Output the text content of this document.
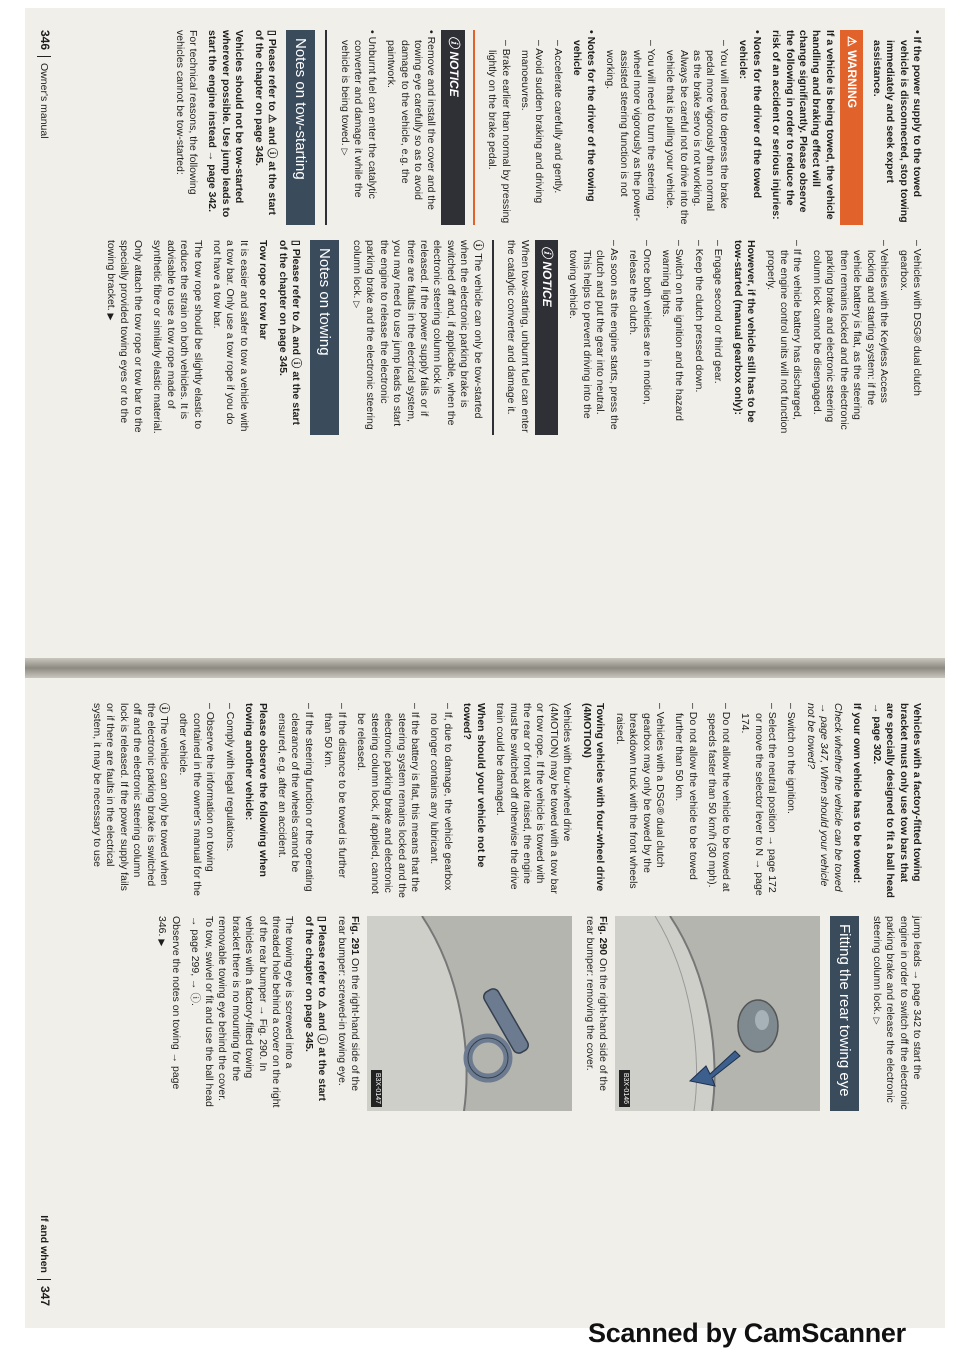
• If the power supply to the towed vehicle is disconnected, stop towing immediately and seek expert assistance.

⚠ WARNING

If a vehicle is being towed, the vehicle handling and braking effect will change significantly. Please observe the following in order to reduce the risk of an accident or serious injuries:

• Notes for the driver of the towed vehicle:

– You will need to depress the brake pedal more vigorously than normal as the brake servo is not working. Always be careful not to drive into the vehicle that is pulling your vehicle.

– You will need to turn the steering wheel more vigorously as the power-assisted steering function is not working.

• Notes for the driver of the towing vehicle

– Accelerate carefully and gently.

– Avoid sudden braking and driving manoeuvres.

– Brake earlier than normal by pressing lightly on the brake pedal.

ⓘ NOTICE

• Remove and install the cover and the towing eye carefully so as to avoid damage to the vehicle, e.g. the paintwork.

• Unburnt fuel can enter the catalytic converter and damage it while the vehicle is being towed. ▷

Notes on tow-starting

▯ Please refer to ⚠ and ⓘ at the start of the chapter on page 345.

Vehicles should not be tow-started wherever possible. Use jump leads to start the engine instead → page 342.

For technical reasons, the following vehicles cannot be tow-started:

– Vehicles with DSG® dual clutch gearbox.

– Vehicles with the Keyless Access locking and starting system: if the vehicle battery is flat, as the steering then remains locked and the electronic parking brake and electronic steering column lock cannot be disengaged.

– If the vehicle battery has discharged, the engine control units will not function properly.

However, if the vehicle still has to be tow-started (manual gearbox only):

– Engage second or third gear.

– Keep the clutch pressed down.

– Switch on the ignition and the hazard warning lights.

– Once both vehicles are in motion, release the clutch.

– As soon as the engine starts, press the clutch and put the gear into neutral. This helps to prevent driving into the towing vehicle.

ⓘ NOTICE

When tow-starting, unburnt fuel can enter the catalytic converter and damage it.

ⓘ The vehicle can only be tow-started when the electronic parking brake is switched off and, if applicable, when the electronic steering column lock is released. If the power supply fails or if there are faults in the electrical system, you may need to use jump leads to start the engine to release the electronic parking brake and the electronic steering column lock. ▷

Notes on towing

▯ Please refer to ⚠ and ⓘ at the start of the chapter on page 345.

Tow rope or tow bar

It is easier and safer to tow a vehicle with a tow bar. Only use a tow rope if you do not have a tow bar.

The tow rope should be slightly elastic to reduce the strain on both vehicles. It is advisable to use a tow rope made of synthetic fibre or similarly elastic material.

Only attach the tow rope or tow bar to the specially provided towing eyes or to the towing bracket. ▶

346Owner's manual

Vehicles with a factory-fitted towing bracket must only use tow bars that are specially designed to fit a ball head → page 302.

If your own vehicle has to be towed:

Check whether the vehicle can be towed → page 347, When should your vehicle not be towed?

– Switch on the ignition.

– Select the neutral position → page 172 or move the selector lever to N → page 174.

– Do not allow the vehicle to be towed at speeds faster than 50 km/h (30 mph).

– Do not allow the vehicle to be towed further than 50 km.

– Vehicles with a DSG® dual clutch gearbox may only be towed by the breakdown truck with the front wheels raised.

Towing vehicles with four-wheel drive (4MOTION)

Vehicles with four-wheel drive (4MOTION) may be towed with a tow bar or tow rope. If the vehicle is towed with the rear or front axle raised, the engine must be switched off otherwise the drive train could be damaged.

When should your vehicle not be towed?

– If, due to damage, the vehicle gearbox no longer contains any lubricant.

– If the battery is flat, this means that the steering system remains locked and the electronic parking brake and electronic steering column lock, if applied, cannot be released.

– If the distance to be towed is further than 50 km.

– If the steering function or the operating clearance of the wheels cannot be ensured, e.g. after an accident.

Please observe the following when towing another vehicle:

– Comply with legal regulations.

– Observe the information on towing contained in the owner's manual for the other vehicle.

ⓘ The vehicle can only be towed when the electronic parking brake is switched off and the electronic steering column lock is released. If the power supply fails or if there are faults in the electrical system, it may be necessary to use

jump leads → page 342 to start the engine in order to switch off the electronic parking brake and release the electronic steering column lock. ▷

Fitting the rear towing eye
B3X-0146

Fig. 290 On the right-hand side of the rear bumper: removing the cover.

B3X-0147

Fig. 291 On the right-hand side of the rear bumper: screwed-in towing eye.

▯ Please refer to ⚠ and ⓘ at the start of the chapter on page 345.

The towing eye is screwed into a threaded hole behind a cover on the right of the rear bumper → Fig. 290. In vehicles with a factory-fitted towing bracket there is no mounting for the removable towing eye behind the cover. To tow, swivel or fit and use the ball head → page 299, → ⓘ.

Observe the notes on towing → page 346. ▶

If and when347
Scanned by CamScanner
